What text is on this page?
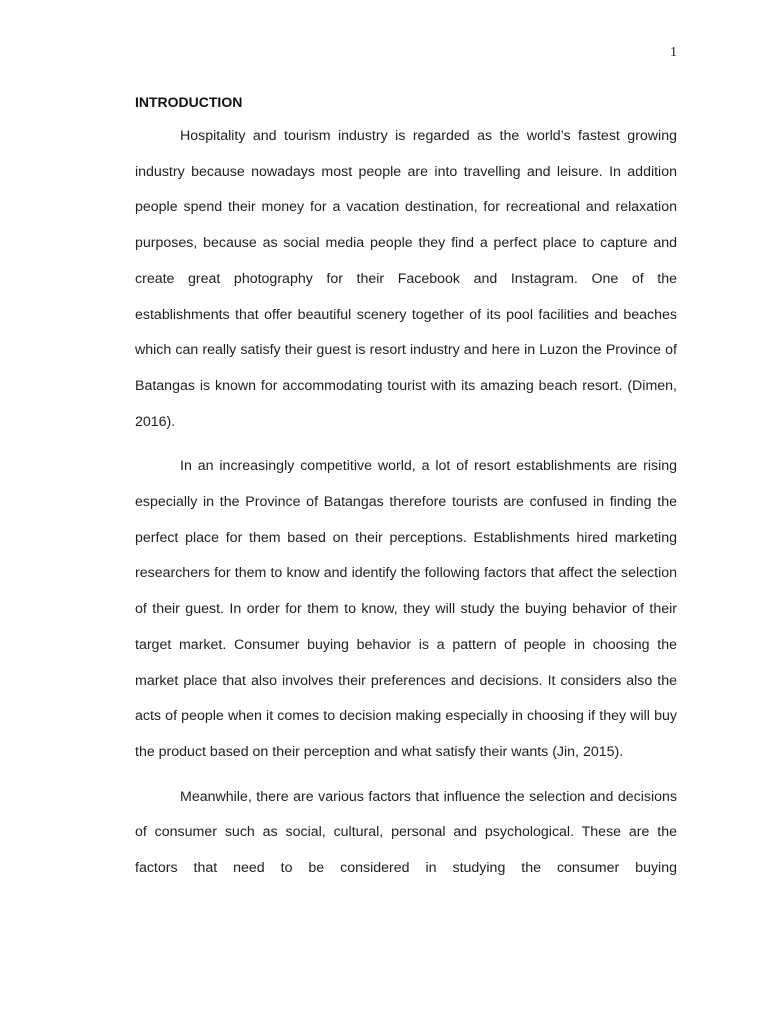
1
INTRODUCTION

Hospitality and tourism industry is regarded as the world’s fastest growing industry because nowadays most people are into travelling and leisure. In addition people spend their money for a vacation destination, for recreational and relaxation purposes, because as social media people they find a perfect place to capture and create great photography for their Facebook and Instagram. One of the establishments that offer beautiful scenery together of its pool facilities and beaches which can really satisfy their guest is resort industry and here in Luzon the Province of Batangas is known for accommodating tourist with its amazing beach resort. (Dimen, 2016).

In an increasingly competitive world, a lot of resort establishments are rising especially in the Province of Batangas therefore tourists are confused in finding the perfect place for them based on their perceptions. Establishments hired marketing researchers for them to know and identify the following factors that affect the selection of their guest. In order for them to know, they will study the buying behavior of their target market. Consumer buying behavior is a pattern of people in choosing the market place that also involves their preferences and decisions. It considers also the acts of people when it comes to decision making especially in choosing if they will buy the product based on their perception and what satisfy their wants (Jin, 2015).

Meanwhile, there are various factors that influence the selection and decisions of consumer such as social, cultural, personal and psychological. These are the factors that need to be considered in studying the consumer buying
